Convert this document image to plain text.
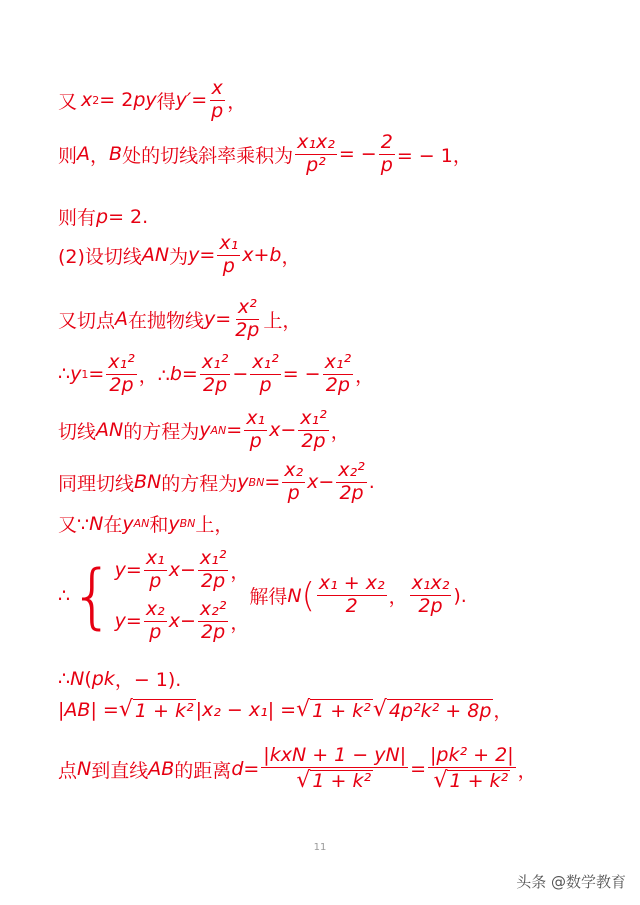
又 x 2 = 2 py 得 $y' = \frac{x}{p}$ ，
则 A ， B 处的切线斜率乘积为 $\frac{\text{x₁x₂}}{\text{p²}}$ = − $\frac{2}{p}$ = − 1，
则有 p = 2.
(2)设切线 AN 为 $y = \frac{\text{x₁}}{p}$ x + b ，
又切点 A 在抛物线 $y = \frac{\text{x²}}{2p}$ 上，
∴ y $1 = \frac{\text{x₁²}}{2p}$ ，∴ $b = \frac{\text{x₁²}}{2p} - \frac{\text{x₁²}}{p}$ = − $\frac{\text{x₁²}}{2p}$ ，
切线 AN 的方程为 y AN = $\frac{\text{x₁}}{p}$ $x - \frac{\text{x₁²}}{2p}$ ，
同理切线 BN 的方程为 y BN = $\frac{\text{x₂}}{p}$ $x - \frac{\text{x₂²}}{2p}$ .
又∵ N 在 y AN 和 y BN 上，
∴ { $y = \frac{\text{x₁}}{p}$ $x - \frac{\text{x₁²}}{2p}$ ，
$y = \frac{\text{x₂}}{p}$ $x - \frac{\text{x₂²}}{2p}$ ，
解得 N ( $\frac{\text{x₁ + x₂}}{2}$ ， $\frac{\text{x₁x₂}}{2p}$ ).
∴ N ( pk ，− 1).
| AB | = √ 1 + k² |x₂ − x₁| = √ 1 + k² √ 4p²k² + 8p ，
点 N 到直线 AB 的距离 $d = \frac{\text{|kxN + 1 − yN|}}{\text{√ 1 + k²}} = \frac{\text{|pk² + 2|}}{\text{√ 1 + k²}}$ ，
11
头条 @数学教育
